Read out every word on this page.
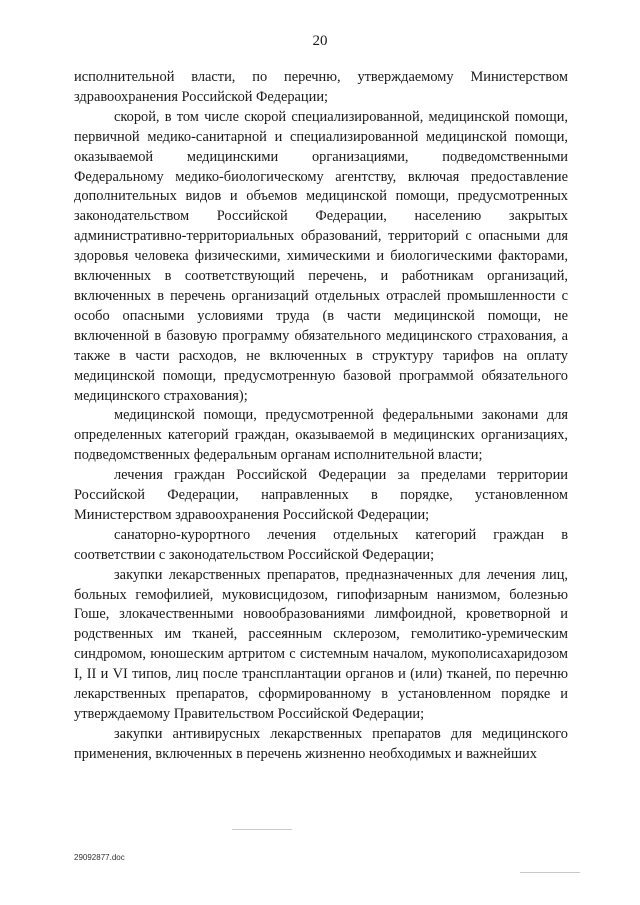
20

исполнительной власти, по перечню, утверждаемому Министерством здравоохранения Российской Федерации;

скорой, в том числе скорой специализированной, медицинской помощи, первичной медико-санитарной и специализированной медицинской помощи, оказываемой медицинскими организациями, подведомственными Федеральному медико-биологическому агентству, включая предоставление дополнительных видов и объемов медицинской помощи, предусмотренных законодательством Российской Федерации, населению закрытых административно-территориальных образований, территорий с опасными для здоровья человека физическими, химическими и биологическими факторами, включенных в соответствующий перечень, и работникам организаций, включенных в перечень организаций отдельных отраслей промышленности с особо опасными условиями труда (в части медицинской помощи, не включенной в базовую программу обязательного медицинского страхования, а также в части расходов, не включенных в структуру тарифов на оплату медицинской помощи, предусмотренную базовой программой обязательного медицинского страхования);

медицинской помощи, предусмотренной федеральными законами для определенных категорий граждан, оказываемой в медицинских организациях, подведомственных федеральным органам исполнительной власти;

лечения граждан Российской Федерации за пределами территории Российской Федерации, направленных в порядке, установленном Министерством здравоохранения Российской Федерации;

санаторно-курортного лечения отдельных категорий граждан в соответствии с законодательством Российской Федерации;

закупки лекарственных препаратов, предназначенных для лечения лиц, больных гемофилией, муковисцидозом, гипофизарным нанизмом, болезнью Гоше, злокачественными новообразованиями лимфоидной, кроветворной и родственных им тканей, рассеянным склерозом, гемолитико-уремическим синдромом, юношеским артритом с системным началом, мукополисахаридозом I, II и VI типов, лиц после трансплантации органов и (или) тканей, по перечню лекарственных препаратов, сформированному в установленном порядке и утверждаемому Правительством Российской Федерации;

закупки антивирусных лекарственных препаратов для медицинского применения, включенных в перечень жизненно необходимых и важнейших

29092877.doc
